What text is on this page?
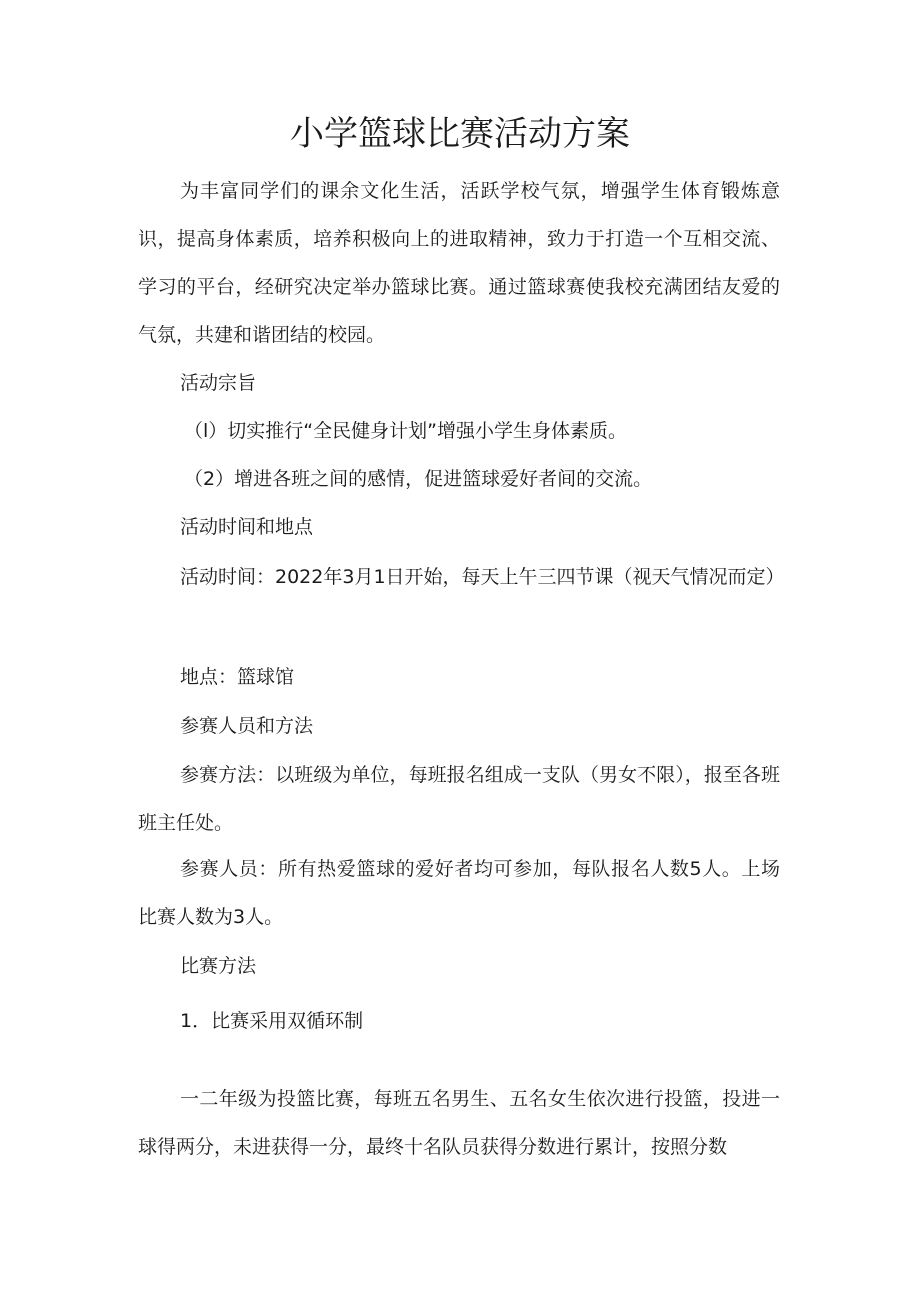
小学篮球比赛活动方案

为丰富同学们的课余文化生活，活跃学校气氛，增强学生体育锻炼意识，提高身体素质，培养积极向上的进取精神，致力于打造一个互相交流、学习的平台，经研究决定举办篮球比赛。通过篮球赛使我校充满团结友爱的气氛，共建和谐团结的校园。

活动宗旨

（l）切实推行“全民健身计划”增强小学生身体素质。

（2）增进各班之间的感情，促进篮球爱好者间的交流。

活动时间和地点

活动时间：2022年3月1日开始，每天上午三四节课（视天气情况而定）

地点：篮球馆

参赛人员和方法

参赛方法：以班级为单位，每班报名组成一支队（男女不限），报至各班班主任处。

参赛人员：所有热爱篮球的爱好者均可参加，每队报名人数5人。上场比赛人数为3人。

比赛方法

1．比赛采用双循环制

一二年级为投篮比赛，每班五名男生、五名女生依次进行投篮，投进一球得两分，未进获得一分，最终十名队员获得分数进行累计，按照分数
